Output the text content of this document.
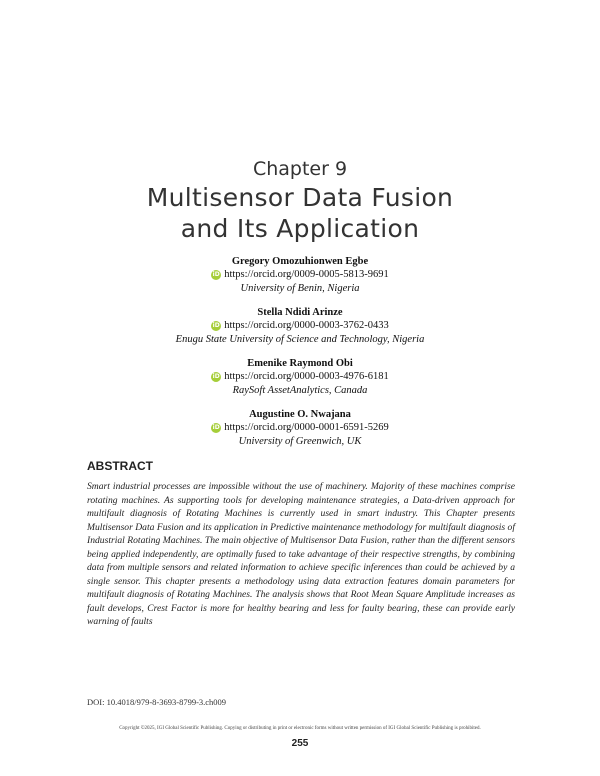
Chapter 9
Multisensor Data Fusion
and Its Application
Gregory Omozuhionwen Egbe
iD https://orcid.org/0009-0005-5813-9691
University of Benin, Nigeria
Stella Ndidi Arinze
iD https://orcid.org/0000-0003-3762-0433
Enugu State University of Science and Technology, Nigeria
Emenike Raymond Obi
iD https://orcid.org/0000-0003-4976-6181
RaySoft AssetAnalytics, Canada
Augustine O. Nwajana
iD https://orcid.org/0000-0001-6591-5269
University of Greenwich, UK
ABSTRACT

Smart industrial processes are impossible without the use of machinery. Majority of these machines comprise rotating machines. As supporting tools for developing maintenance strategies, a Data-driven approach for multifault diagnosis of Rotating Machines is currently used in smart industry. This Chapter presents Multisensor Data Fusion and its application in Predictive maintenance methodology for multifault diagnosis of Industrial Rotating Machines. The main objective of Multisensor Data Fusion, rather than the different sensors being applied independently, are optimally fused to take advantage of their respective strengths, by combining data from multiple sensors and related information to achieve specific inferences than could be achieved by a single sensor. This chapter presents a methodology using data extraction features domain parameters for multifault diagnosis of Rotating Machines. The analysis shows that Root Mean Square Amplitude increases as fault develops, Crest Factor is more for healthy bearing and less for faulty bearing, these can provide early warning of faults

DOI: 10.4018/979-8-3693-8799-3.ch009
Copyright ©2025, IGI Global Scientific Publishing. Copying or distributing in print or electronic forms without written permission of IGI Global Scientific Publishing is prohibited.
255
